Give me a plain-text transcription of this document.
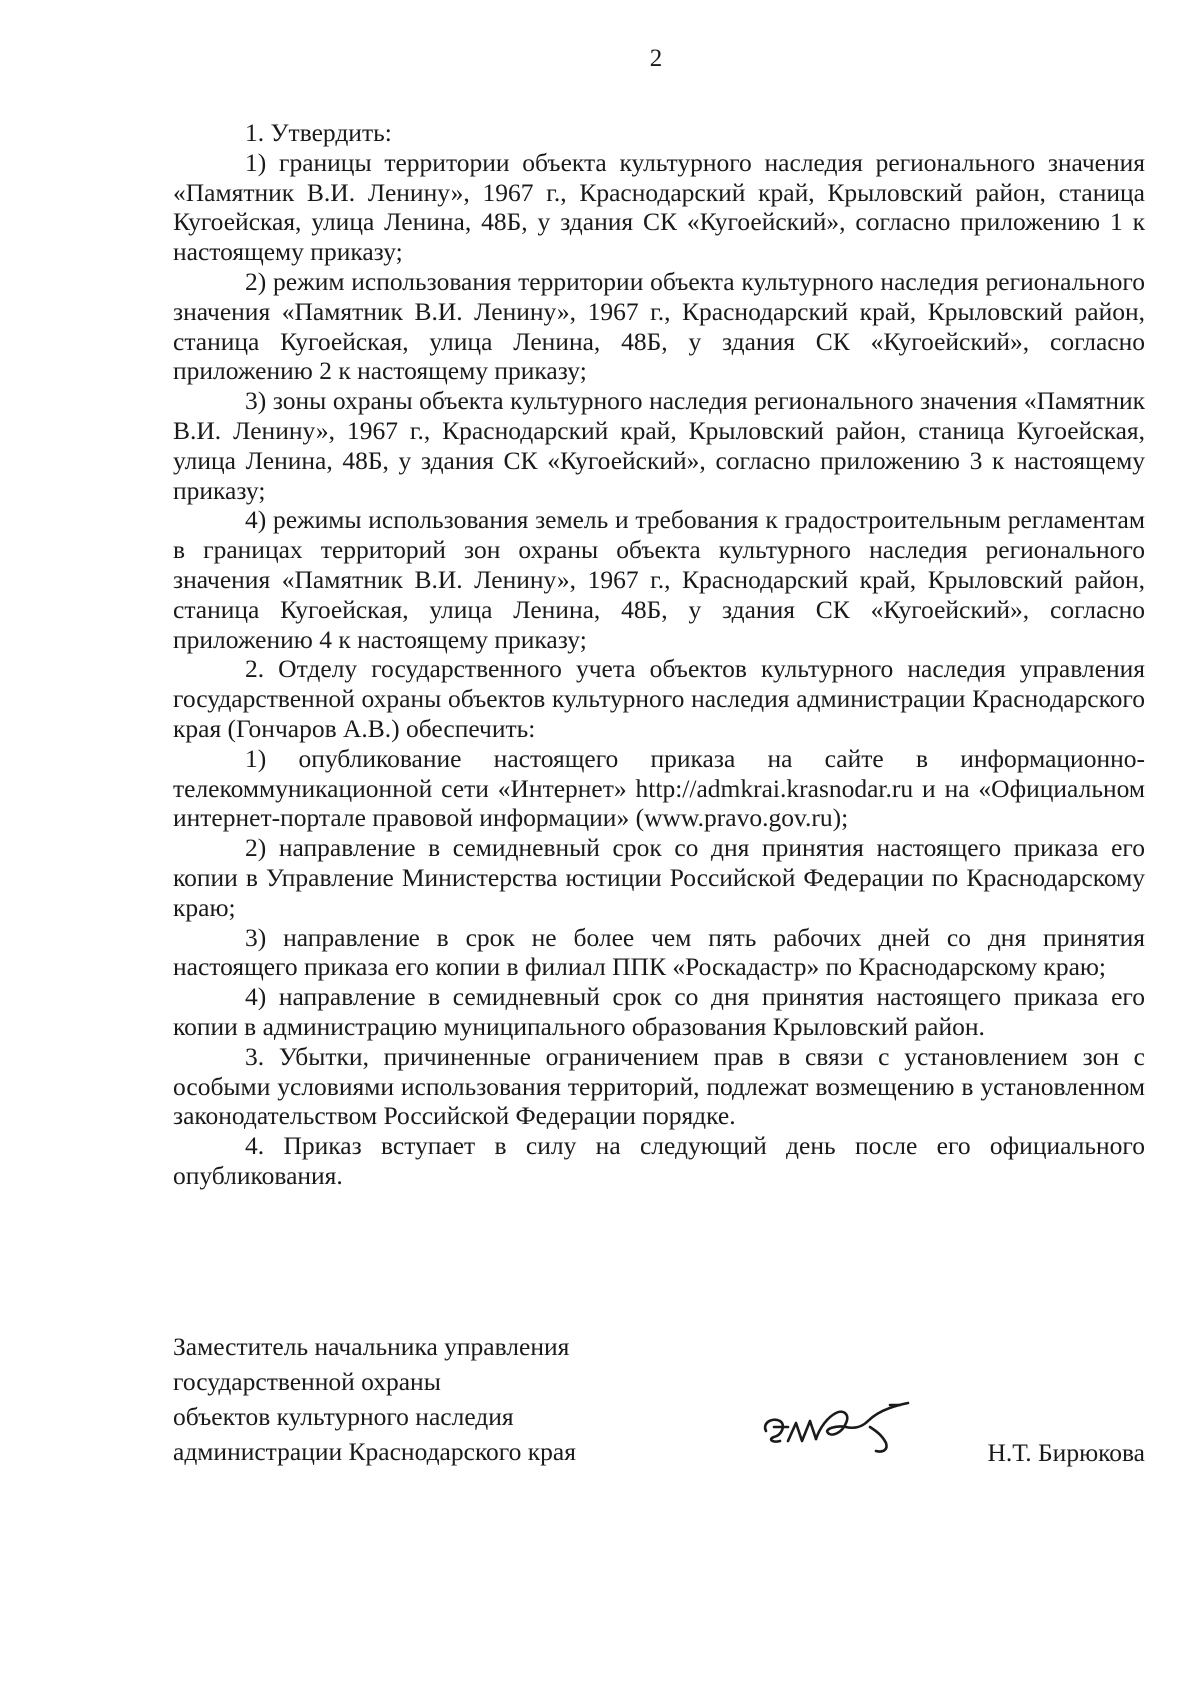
2

1. Утвердить:

1) границы территории объекта культурного наследия регионального значения «Памятник В.И. Ленину», 1967 г., Краснодарский край, Крыловский район, станица Кугоейская, улица Ленина, 48Б, у здания СК «Кугоейский», согласно приложению 1 к настоящему приказу;

2) режим использования территории объекта культурного наследия регионального значения «Памятник В.И. Ленину», 1967 г., Краснодарский край, Крыловский район, станица Кугоейская, улица Ленина, 48Б, у здания СК «Кугоейский», согласно приложению 2 к настоящему приказу;

3) зоны охраны объекта культурного наследия регионального значения «Памятник В.И. Ленину», 1967 г., Краснодарский край, Крыловский район, станица Кугоейская, улица Ленина, 48Б, у здания СК «Кугоейский», согласно приложению 3 к настоящему приказу;

4) режимы использования земель и требования к градостроительным регламентам в границах территорий зон охраны объекта культурного наследия регионального значения «Памятник В.И. Ленину», 1967 г., Краснодарский край, Крыловский район, станица Кугоейская, улица Ленина, 48Б, у здания СК «Кугоейский», согласно приложению 4 к настоящему приказу;

2. Отделу государственного учета объектов культурного наследия управления государственной охраны объектов культурного наследия администрации Краснодарского края (Гончаров А.В.) обеспечить:

1) опубликование настоящего приказа на сайте в информационно-телекоммуникационной сети «Интернет» http://admkrai.krasnodar.ru и на «Официальном интернет-портале правовой информации» (www.pravo.gov.ru);

2) направление в семидневный срок со дня принятия настоящего приказа его копии в Управление Министерства юстиции Российской Федерации по Краснодарскому краю;

3) направление в срок не более чем пять рабочих дней со дня принятия настоящего приказа его копии в филиал ППК «Роскадастр» по Краснодарскому краю;

4) направление в семидневный срок со дня принятия настоящего приказа его копии в администрацию муниципального образования Крыловский район.

3. Убытки, причиненные ограничением прав в связи с установлением зон с особыми условиями использования территорий, подлежат возмещению в установленном законодательством Российской Федерации порядке.

4. Приказ вступает в силу на следующий день после его официального опубликования.

Заместитель начальника управления
государственной охраны
объектов культурного наследия
администрации Краснодарского края	Н.Т. Бирюкова
